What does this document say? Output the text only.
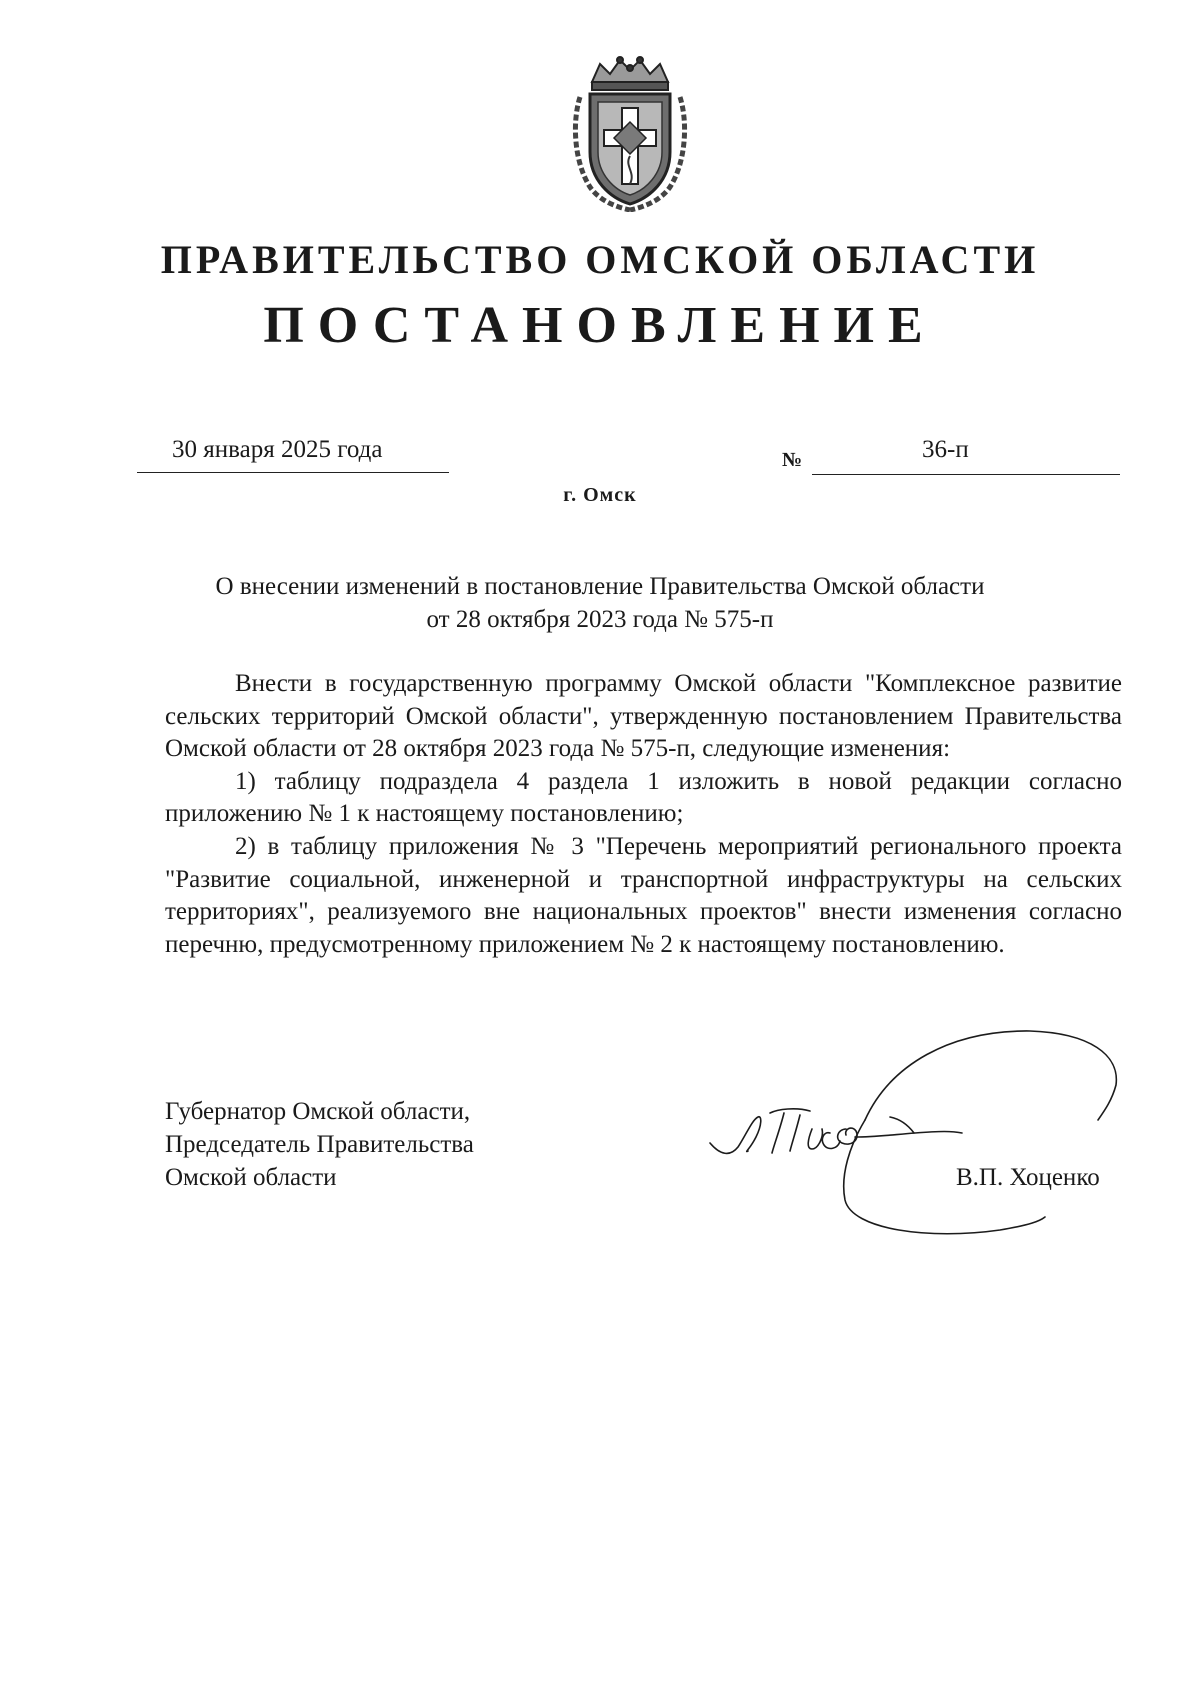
ПРАВИТЕЛЬСТВО ОМСКОЙ ОБЛАСТИ
ПОСТАНОВЛЕНИЕ
30 января 2025 года	№	36-п
г. Омск
О внесении изменений в постановление Правительства Омской области
от 28 октября 2023 года № 575-п

Внести в государственную программу Омской области "Комплексное развитие сельских территорий Омской области", утвержденную постановлением Правительства Омской области от 28 октября 2023 года № 575-п, следующие изменения:

1) таблицу подраздела 4 раздела 1 изложить в новой редакции согласно приложению № 1 к настоящему постановлению;

2) в таблицу приложения № 3 "Перечень мероприятий регионального проекта "Развитие социальной, инженерной и транспортной инфраструктуры на сельских территориях", реализуемого вне национальных проектов" внести изменения согласно перечню, предусмотренному приложением № 2 к настоящему постановлению.

Губернатор Омской области,
Председатель Правительства
Омской области	В.П. Хоценко
